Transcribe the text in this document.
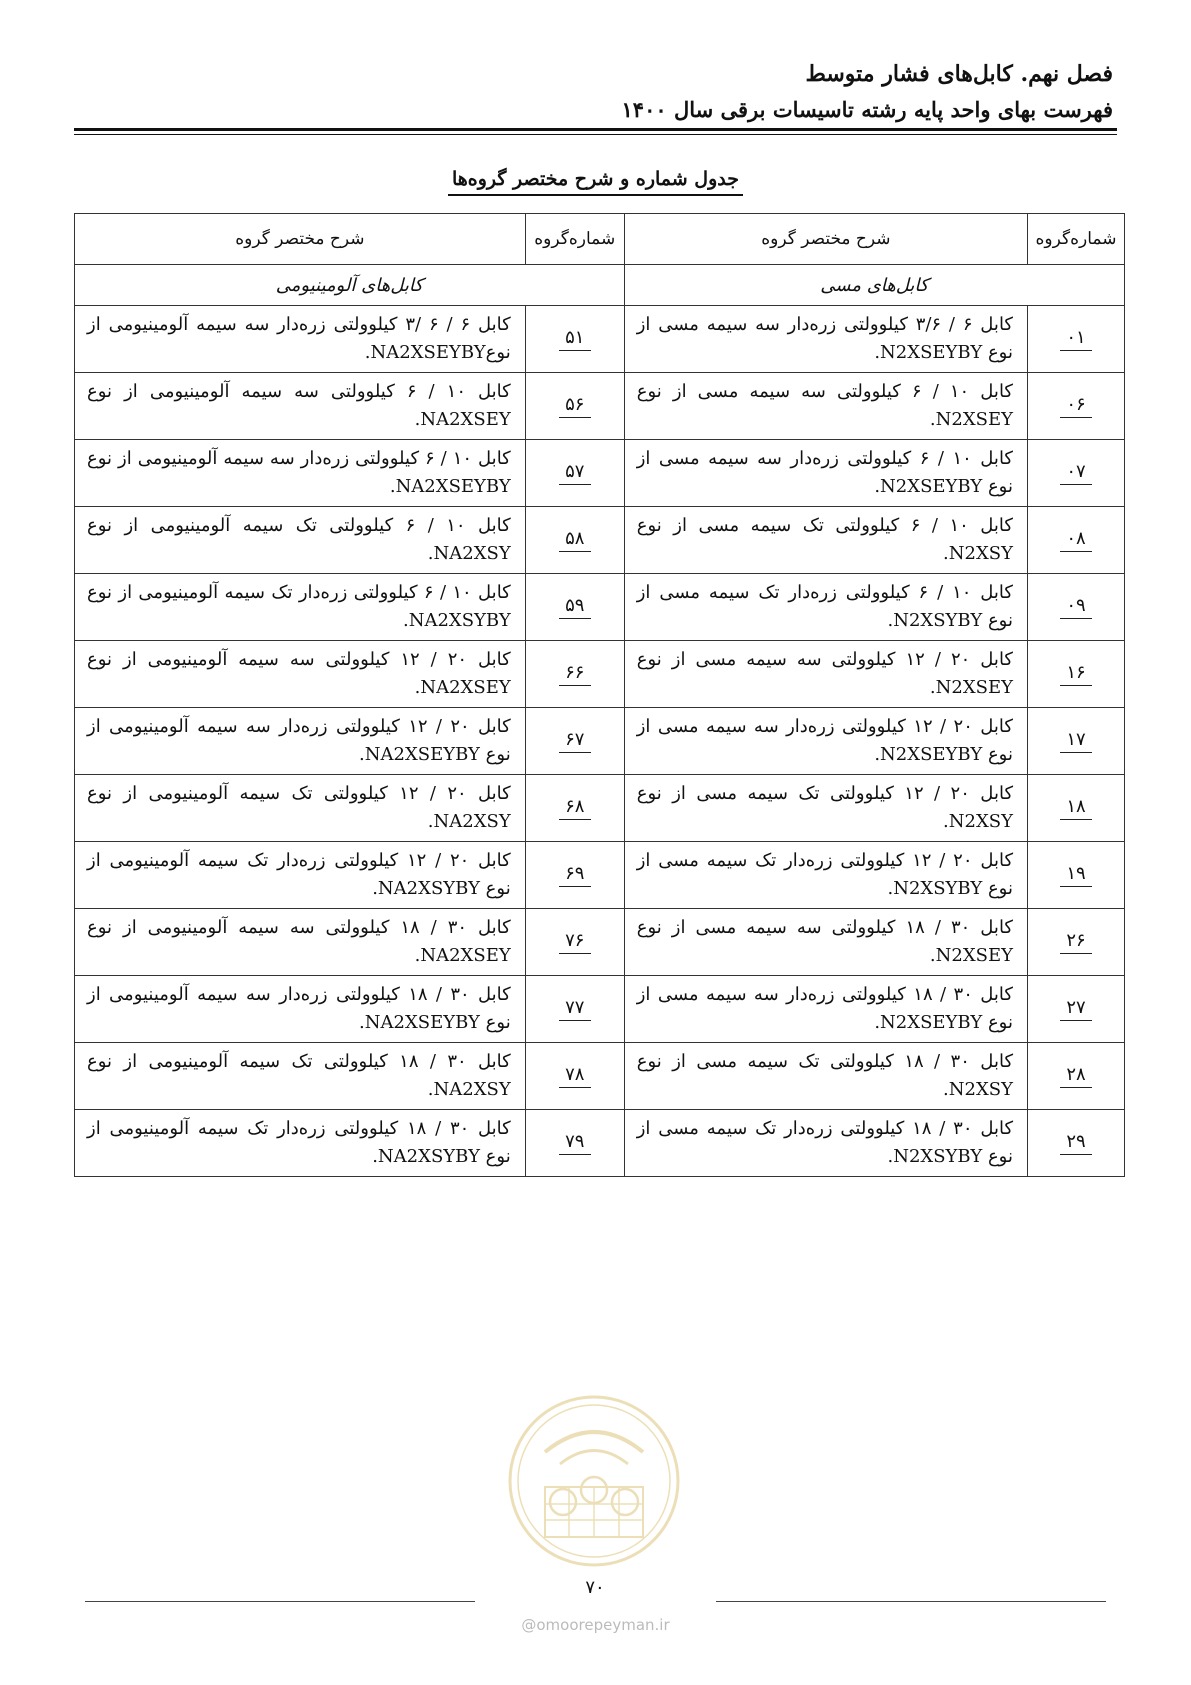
فصل نهم. کابل‌های فشار متوسط
فهرست بهای واحد پایه رشته تاسیسات برقی سال ۱۴۰۰
جدول شماره و شرح مختصر گروه‌ها
شماره‌گروه	شرح مختصر گروه	شماره‌گروه	شرح مختصر گروه
کابل‌های مسی		کابل‌های آلومینیومی	
۰۱	کابل ۶ / ۳/۶ کیلوولتی زره‌دار سه سیمه مسی از نوع N2XSEYBY.	۵۱	کابل ۶ / ۶ /۳ کیلوولتی زره‌دار سه سیمه آلومینیومی از نوعNA2XSEYBY.

۰۶	کابل ۱۰ / ۶ کیلوولتی سه سیمه مسی از نوع N2XSEY.	۵۶	کابل ۱۰ / ۶ کیلوولتی سه سیمه آلومینیومی از نوع NA2XSEY.

۰۷	کابل ۱۰ / ۶ کیلوولتی زره‌دار سه سیمه مسی از نوع N2XSEYBY.	۵۷	کابل ۱۰ / ۶ کیلوولتی زره‌دار سه سیمه آلومینیومی از نوع NA2XSEYBY.

۰۸	کابل ۱۰ / ۶ کیلوولتی تک سیمه مسی از نوع N2XSY.	۵۸	کابل ۱۰ / ۶ کیلوولتی تک سیمه آلومینیومی از نوع NA2XSY.

۰۹	کابل ۱۰ / ۶ کیلوولتی زره‌دار تک سیمه مسی از نوع N2XSYBY.	۵۹	کابل ۱۰ / ۶ کیلوولتی زره‌دار تک سیمه آلومینیومی از نوع NA2XSYBY.

۱۶	کابل ۲۰ / ۱۲ کیلوولتی سه سیمه مسی از نوع N2XSEY.	۶۶	کابل ۲۰ / ۱۲ کیلوولتی سه سیمه آلومینیومی از نوع NA2XSEY.

۱۷	کابل ۲۰ / ۱۲ کیلوولتی زره‌دار سه سیمه مسی از نوع N2XSEYBY.	۶۷	کابل ۲۰ / ۱۲ کیلوولتی زره‌دار سه سیمه آلومینیومی از نوع NA2XSEYBY.

۱۸	کابل ۲۰ / ۱۲ کیلوولتی تک سیمه مسی از نوع N2XSY.	۶۸	کابل ۲۰ / ۱۲ کیلوولتی تک سیمه آلومینیومی از نوع NA2XSY.

۱۹	کابل ۲۰ / ۱۲ کیلوولتی زره‌دار تک سیمه مسی از نوع N2XSYBY.	۶۹	کابل ۲۰ / ۱۲ کیلوولتی زره‌دار تک سیمه آلومینیومی از نوع NA2XSYBY.

۲۶	کابل ۳۰ / ۱۸ کیلوولتی سه سیمه مسی از نوع N2XSEY.	۷۶	کابل ۳۰ / ۱۸ کیلوولتی سه سیمه آلومینیومی از نوع NA2XSEY.

۲۷	کابل ۳۰ / ۱۸ کیلوولتی زره‌دار سه سیمه مسی از نوع N2XSEYBY.	۷۷	کابل ۳۰ / ۱۸ کیلوولتی زره‌دار سه سیمه آلومینیومی از نوع NA2XSEYBY.

۲۸	کابل ۳۰ / ۱۸ کیلوولتی تک سیمه مسی از نوع N2XSY.	۷۸	کابل ۳۰ / ۱۸ کیلوولتی تک سیمه آلومینیومی از نوع NA2XSY.

۲۹	کابل ۳۰ / ۱۸ کیلوولتی زره‌دار تک سیمه مسی از نوع N2XSYBY.	۷۹	کابل ۳۰ / ۱۸ کیلوولتی زره‌دار تک سیمه آلومینیومی از نوع NA2XSYBY.
۷۰
@omoorepeyman.ir
